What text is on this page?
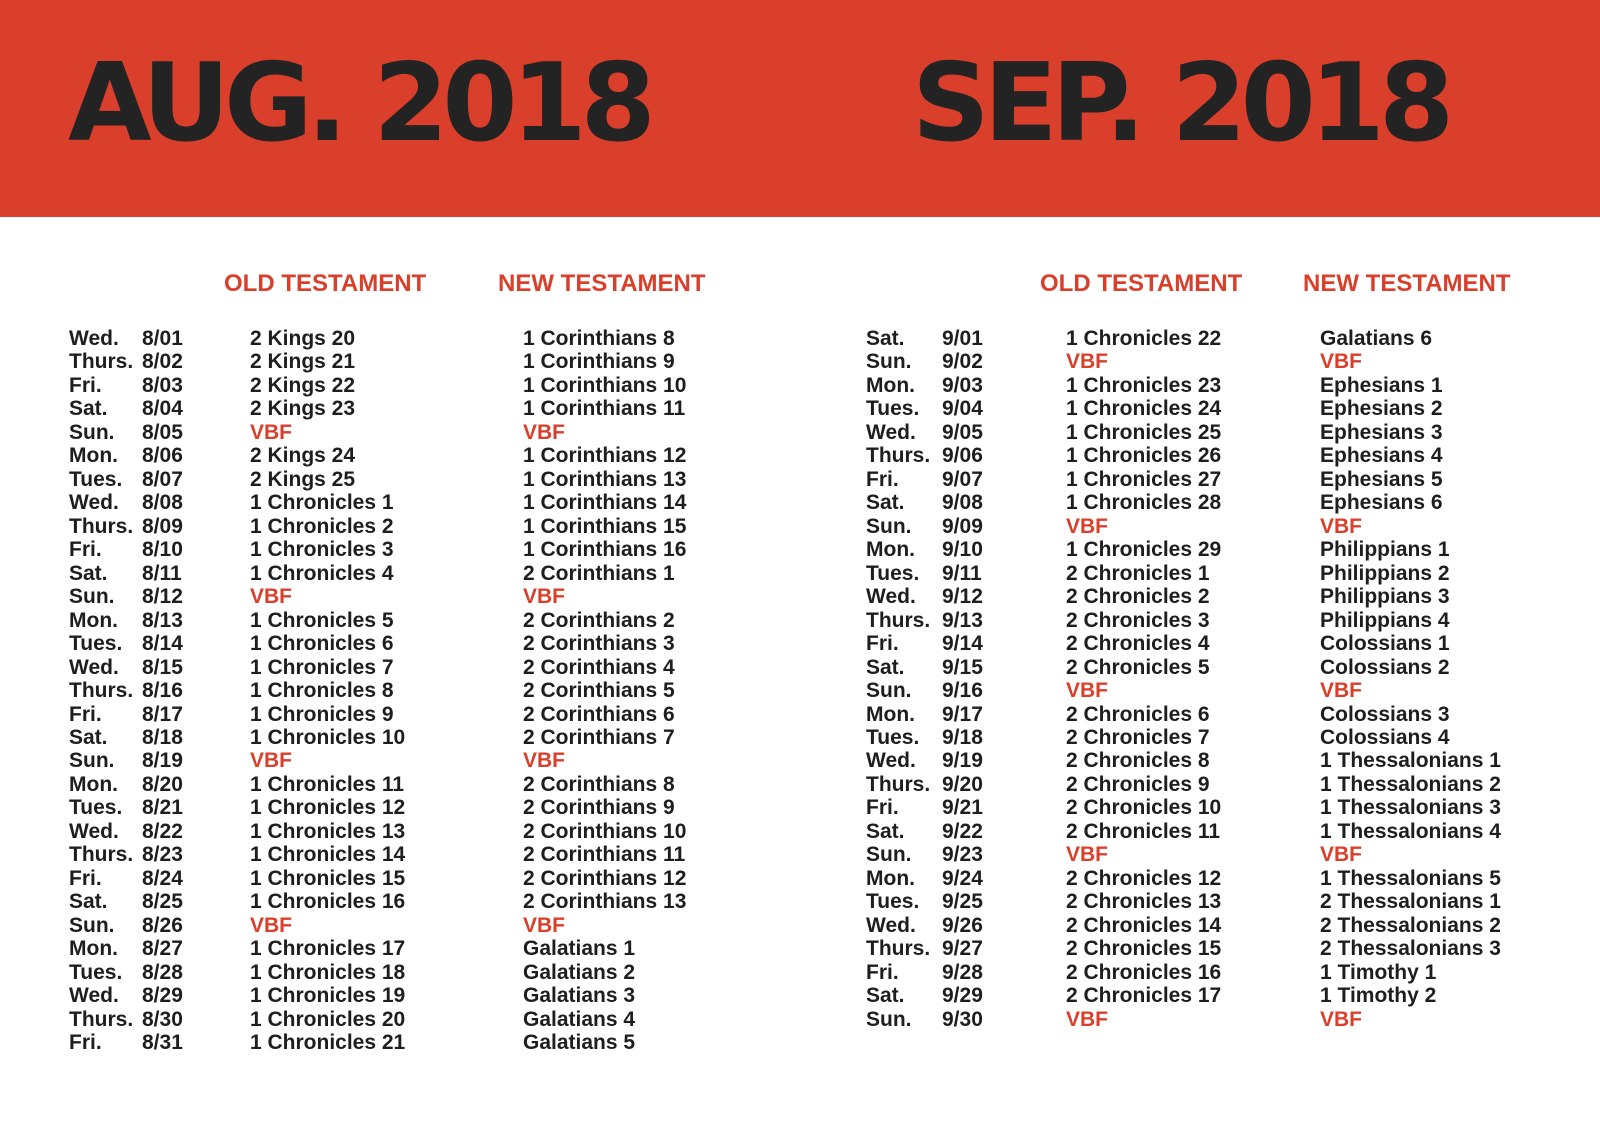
AUG. 2018 SEP. 2018
OLD TESTAMENT	NEW TESTAMENT	OLD TESTAMENT	NEW TESTAMENT
Wed. 8/01	2 Kings 20	1 Corinthians 8
Thurs. 8/02	2 Kings 21	1 Corinthians 9
Fri. 8/03	2 Kings 22	1 Corinthians 10
Sat. 8/04	2 Kings 23	1 Corinthians 11
Sun. 8/05	VBF	VBF
Mon. 8/06	2 Kings 24	1 Corinthians 12
Tues. 8/07	2 Kings 25	1 Corinthians 13
Wed. 8/08	1 Chronicles 1	1 Corinthians 14
Thurs. 8/09	1 Chronicles 2	1 Corinthians 15
Fri. 8/10	1 Chronicles 3	1 Corinthians 16
Sat. 8/11	1 Chronicles 4	2 Corinthians 1
Sun. 8/12	VBF	VBF
Mon. 8/13	1 Chronicles 5	2 Corinthians 2
Tues. 8/14	1 Chronicles 6	2 Corinthians 3
Wed. 8/15	1 Chronicles 7	2 Corinthians 4
Thurs. 8/16	1 Chronicles 8	2 Corinthians 5
Fri. 8/17	1 Chronicles 9	2 Corinthians 6
Sat. 8/18	1 Chronicles 10	2 Corinthians 7
Sun. 8/19	VBF	VBF
Mon. 8/20	1 Chronicles 11	2 Corinthians 8
Tues. 8/21	1 Chronicles 12	2 Corinthians 9
Wed. 8/22	1 Chronicles 13	2 Corinthians 10
Thurs. 8/23	1 Chronicles 14	2 Corinthians 11
Fri. 8/24	1 Chronicles 15	2 Corinthians 12
Sat. 8/25	1 Chronicles 16	2 Corinthians 13
Sun. 8/26	VBF	VBF
Mon. 8/27	1 Chronicles 17	Galatians 1
Tues. 8/28	1 Chronicles 18	Galatians 2
Wed. 8/29	1 Chronicles 19	Galatians 3
Thurs. 8/30	1 Chronicles 20	Galatians 4
Fri. 8/31	1 Chronicles 21	Galatians 5
Sat. 9/01	1 Chronicles 22	Galatians 6
Sun. 9/02	VBF	VBF
Mon. 9/03	1 Chronicles 23	Ephesians 1
Tues. 9/04	1 Chronicles 24	Ephesians 2
Wed. 9/05	1 Chronicles 25	Ephesians 3
Thurs. 9/06	1 Chronicles 26	Ephesians 4
Fri. 9/07	1 Chronicles 27	Ephesians 5
Sat. 9/08	1 Chronicles 28	Ephesians 6
Sun. 9/09	VBF	VBF
Mon. 9/10	1 Chronicles 29	Philippians 1
Tues. 9/11	2 Chronicles 1	Philippians 2
Wed. 9/12	2 Chronicles 2	Philippians 3
Thurs. 9/13	2 Chronicles 3	Philippians 4
Fri. 9/14	2 Chronicles 4	Colossians 1
Sat. 9/15	2 Chronicles 5	Colossians 2
Sun. 9/16	VBF	VBF
Mon. 9/17	2 Chronicles 6	Colossians 3
Tues. 9/18	2 Chronicles 7	Colossians 4
Wed. 9/19	2 Chronicles 8	1 Thessalonians 1
Thurs. 9/20	2 Chronicles 9	1 Thessalonians 2
Fri. 9/21	2 Chronicles 10	1 Thessalonians 3
Sat. 9/22	2 Chronicles 11	1 Thessalonians 4
Sun. 9/23	VBF	VBF
Mon. 9/24	2 Chronicles 12	1 Thessalonians 5
Tues. 9/25	2 Chronicles 13	2 Thessalonians 1
Wed. 9/26	2 Chronicles 14	2 Thessalonians 2
Thurs. 9/27	2 Chronicles 15	2 Thessalonians 3
Fri. 9/28	2 Chronicles 16	1 Timothy 1
Sat. 9/29	2 Chronicles 17	1 Timothy 2
Sun. 9/30	VBF	VBF
